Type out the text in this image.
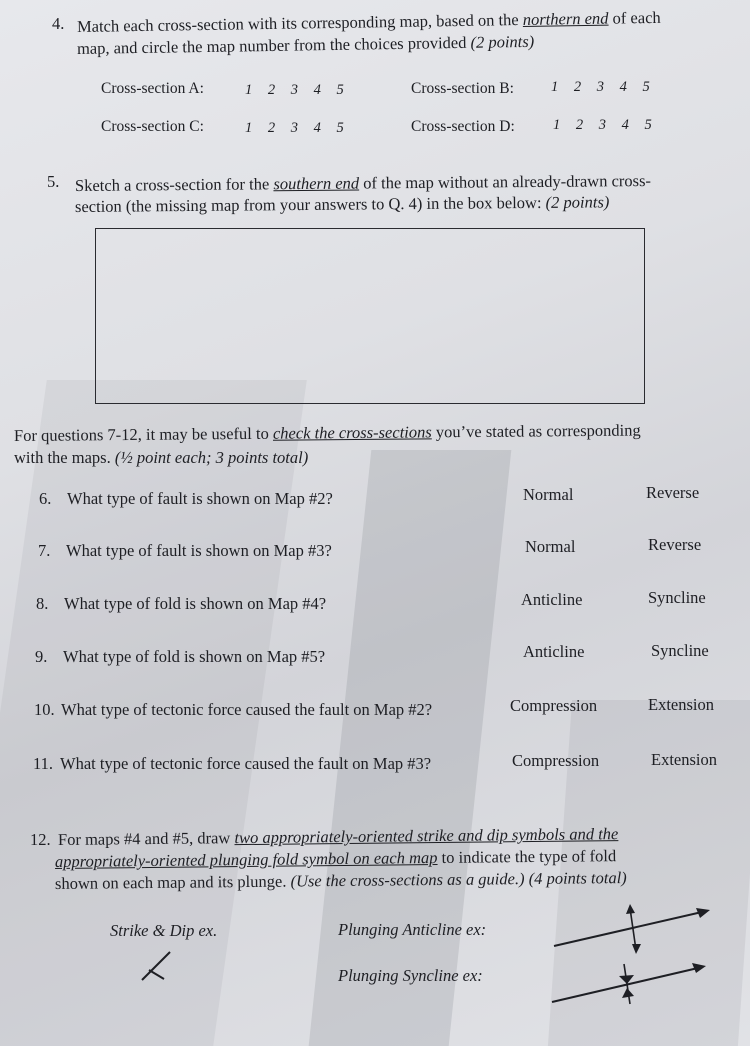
4. Match each cross-section with its corresponding map, based on the northern end of each
map, and circle the map number from the choices provided (2 points)
Cross-section A:	1 2 3 4 5	Cross-section B:	1 2 3 4 5
Cross-section C:	1 2 3 4 5	Cross-section D:	1 2 3 4 5
5. Sketch a cross-section for the southern end of the map without an already-drawn cross-
section (the missing map from your answers to Q. 4) in the box below: (2 points)
For questions 7-12, it may be useful to check the cross-sections you’ve stated as corresponding
with the maps. (½ point each; 3 points total)
6. What type of fault is shown on Map #2?	Normal	Reverse
7. What type of fault is shown on Map #3?	Normal	Reverse
8. What type of fold is shown on Map #4?	Anticline	Syncline
9. What type of fold is shown on Map #5?	Anticline	Syncline
10. What type of tectonic force caused the fault on Map #2?	Compression	Extension
11. What type of tectonic force caused the fault on Map #3?	Compression	Extension
12. For maps #4 and #5, draw two appropriately-oriented strike and dip symbols and the
appropriately-oriented plunging fold symbol on each map to indicate the type of fold
shown on each map and its plunge. (Use the cross-sections as a guide.) (4 points total)
Strike & Dip ex.	Plunging Anticline ex:
Plunging Syncline ex:
